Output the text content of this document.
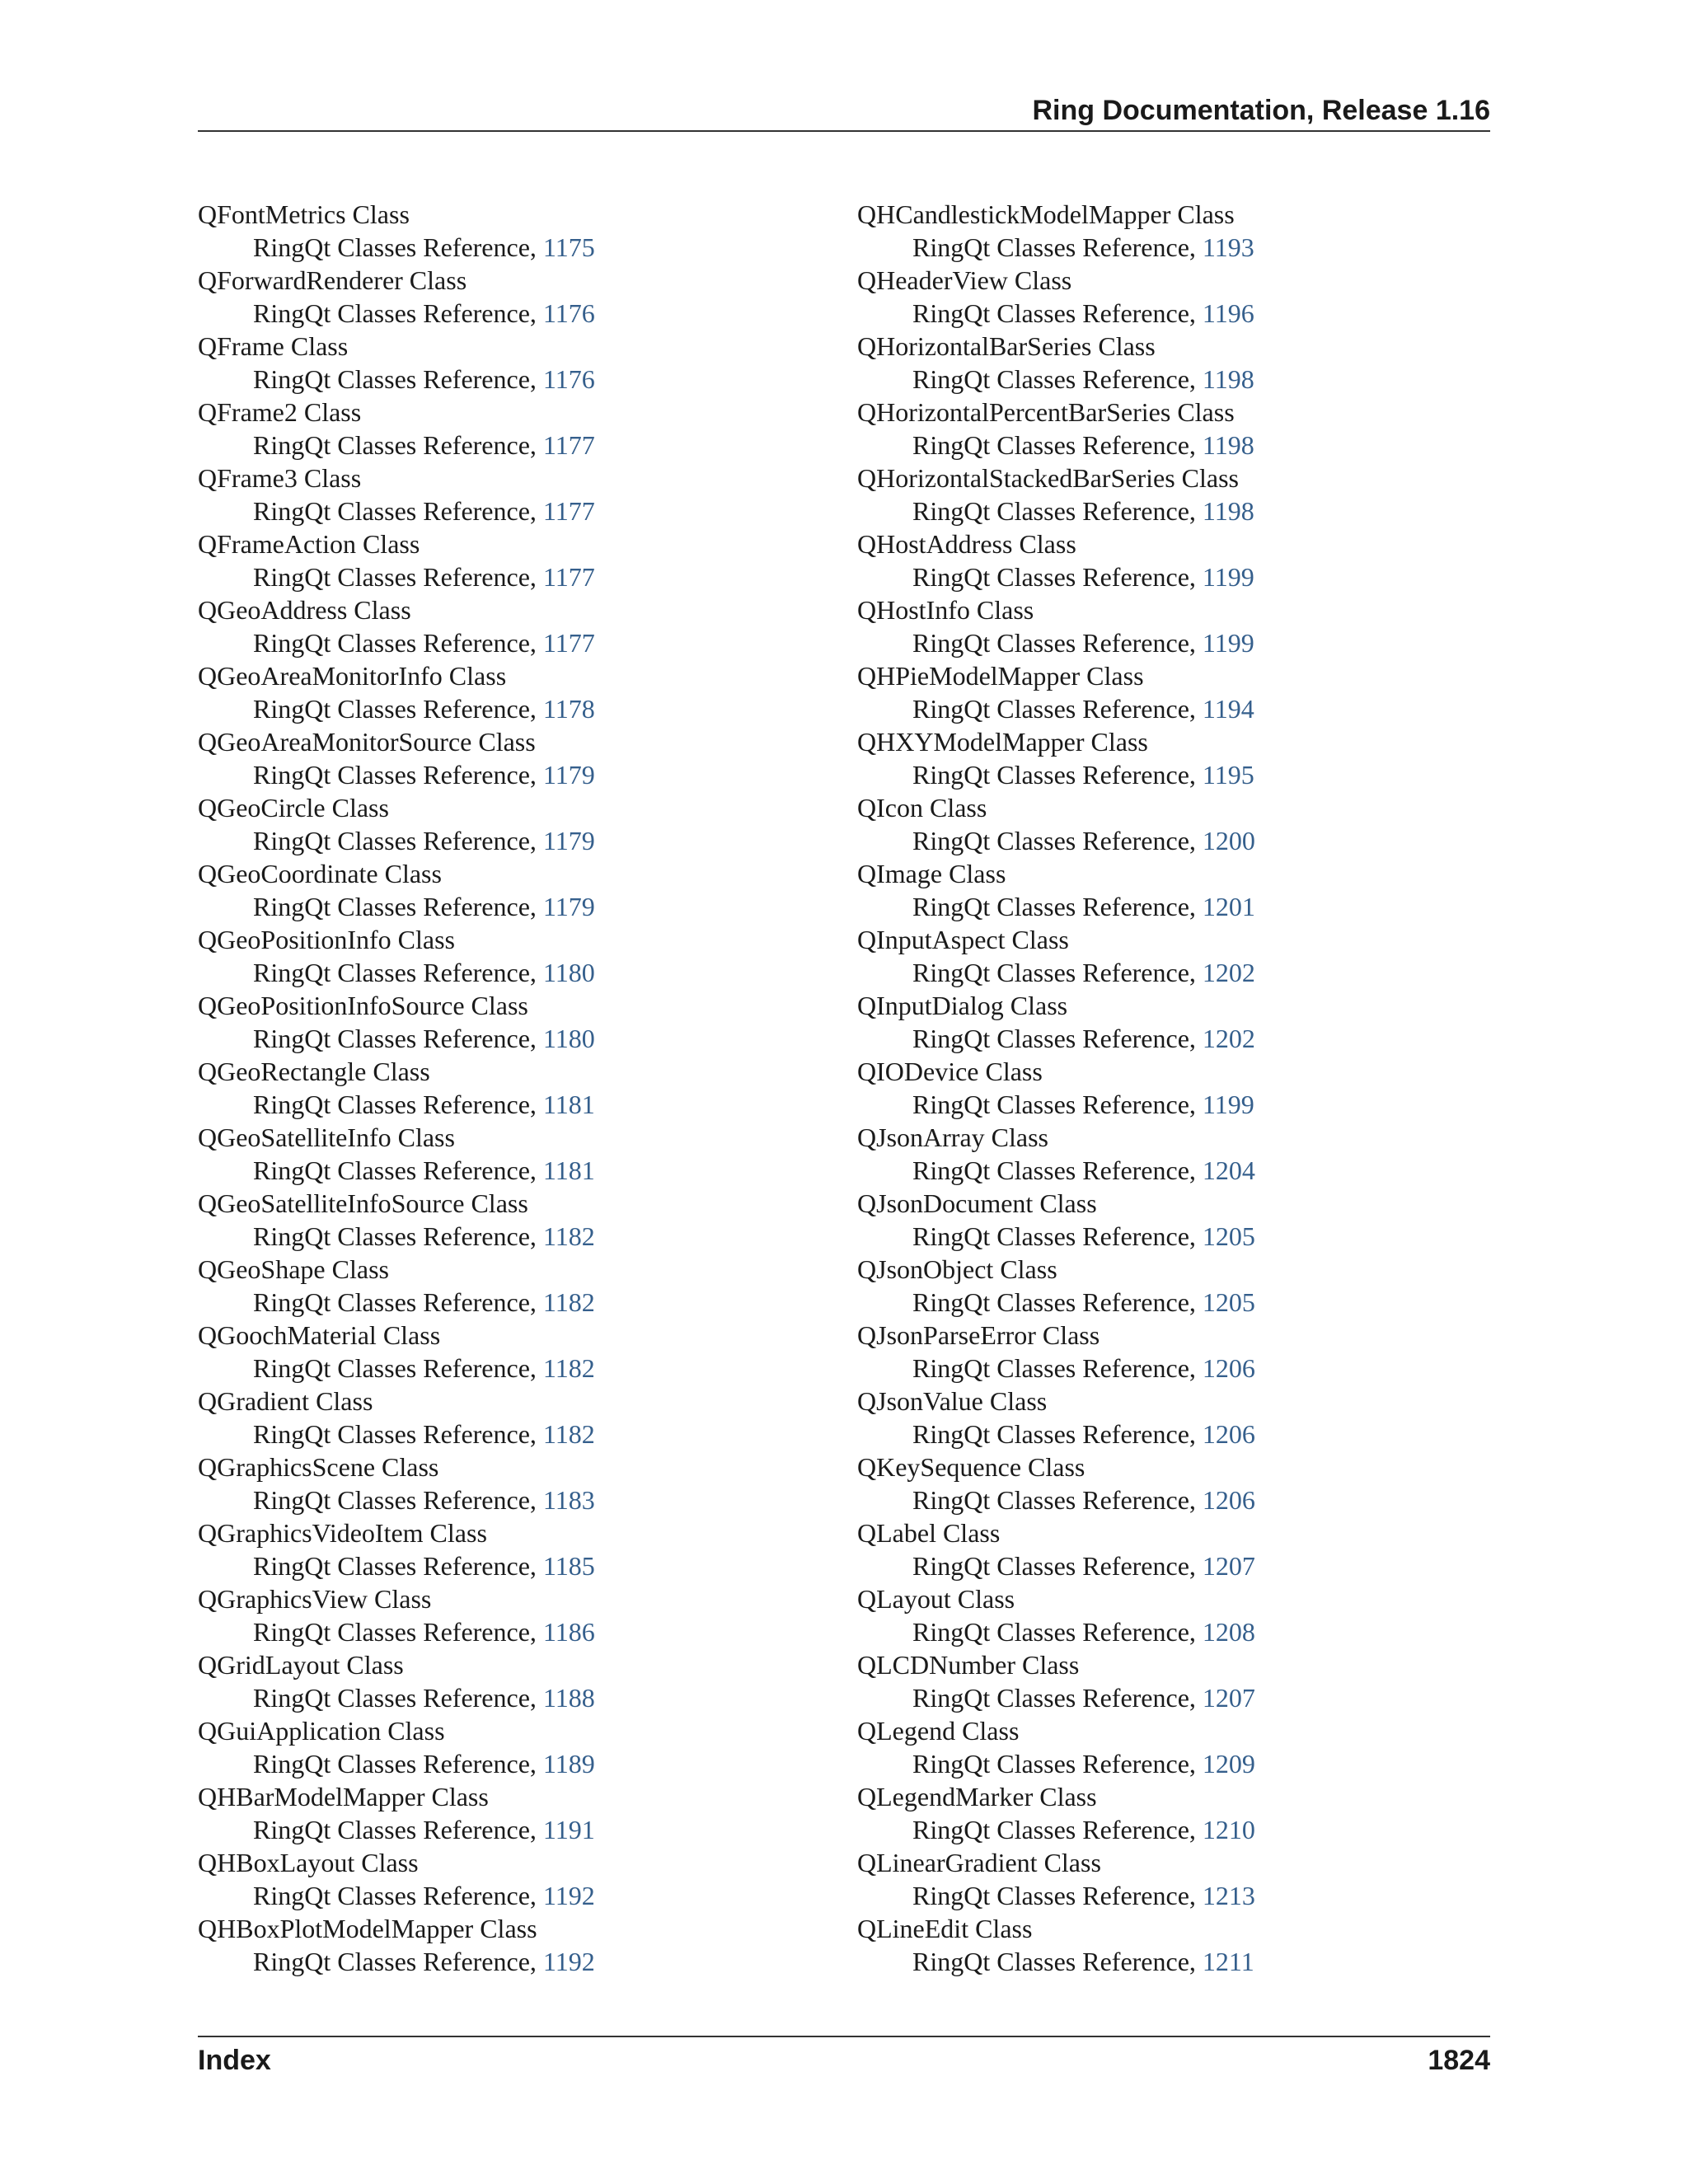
Ring Documentation, Release 1.16
QFontMetrics Class
RingQt Classes Reference, 1175
QForwardRenderer Class
RingQt Classes Reference, 1176
QFrame Class
RingQt Classes Reference, 1176
QFrame2 Class
RingQt Classes Reference, 1177
QFrame3 Class
RingQt Classes Reference, 1177
QFrameAction Class
RingQt Classes Reference, 1177
QGeoAddress Class
RingQt Classes Reference, 1177
QGeoAreaMonitorInfo Class
RingQt Classes Reference, 1178
QGeoAreaMonitorSource Class
RingQt Classes Reference, 1179
QGeoCircle Class
RingQt Classes Reference, 1179
QGeoCoordinate Class
RingQt Classes Reference, 1179
QGeoPositionInfo Class
RingQt Classes Reference, 1180
QGeoPositionInfoSource Class
RingQt Classes Reference, 1180
QGeoRectangle Class
RingQt Classes Reference, 1181
QGeoSatelliteInfo Class
RingQt Classes Reference, 1181
QGeoSatelliteInfoSource Class
RingQt Classes Reference, 1182
QGeoShape Class
RingQt Classes Reference, 1182
QGoochMaterial Class
RingQt Classes Reference, 1182
QGradient Class
RingQt Classes Reference, 1182
QGraphicsScene Class
RingQt Classes Reference, 1183
QGraphicsVideoItem Class
RingQt Classes Reference, 1185
QGraphicsView Class
RingQt Classes Reference, 1186
QGridLayout Class
RingQt Classes Reference, 1188
QGuiApplication Class
RingQt Classes Reference, 1189
QHBarModelMapper Class
RingQt Classes Reference, 1191
QHBoxLayout Class
RingQt Classes Reference, 1192
QHBoxPlotModelMapper Class
RingQt Classes Reference, 1192
QHCandlestickModelMapper Class
RingQt Classes Reference, 1193
QHeaderView Class
RingQt Classes Reference, 1196
QHorizontalBarSeries Class
RingQt Classes Reference, 1198
QHorizontalPercentBarSeries Class
RingQt Classes Reference, 1198
QHorizontalStackedBarSeries Class
RingQt Classes Reference, 1198
QHostAddress Class
RingQt Classes Reference, 1199
QHostInfo Class
RingQt Classes Reference, 1199
QHPieModelMapper Class
RingQt Classes Reference, 1194
QHXYModelMapper Class
RingQt Classes Reference, 1195
QIcon Class
RingQt Classes Reference, 1200
QImage Class
RingQt Classes Reference, 1201
QInputAspect Class
RingQt Classes Reference, 1202
QInputDialog Class
RingQt Classes Reference, 1202
QIODevice Class
RingQt Classes Reference, 1199
QJsonArray Class
RingQt Classes Reference, 1204
QJsonDocument Class
RingQt Classes Reference, 1205
QJsonObject Class
RingQt Classes Reference, 1205
QJsonParseError Class
RingQt Classes Reference, 1206
QJsonValue Class
RingQt Classes Reference, 1206
QKeySequence Class
RingQt Classes Reference, 1206
QLabel Class
RingQt Classes Reference, 1207
QLayout Class
RingQt Classes Reference, 1208
QLCDNumber Class
RingQt Classes Reference, 1207
QLegend Class
RingQt Classes Reference, 1209
QLegendMarker Class
RingQt Classes Reference, 1210
QLinearGradient Class
RingQt Classes Reference, 1213
QLineEdit Class
RingQt Classes Reference, 1211
Index	1824
